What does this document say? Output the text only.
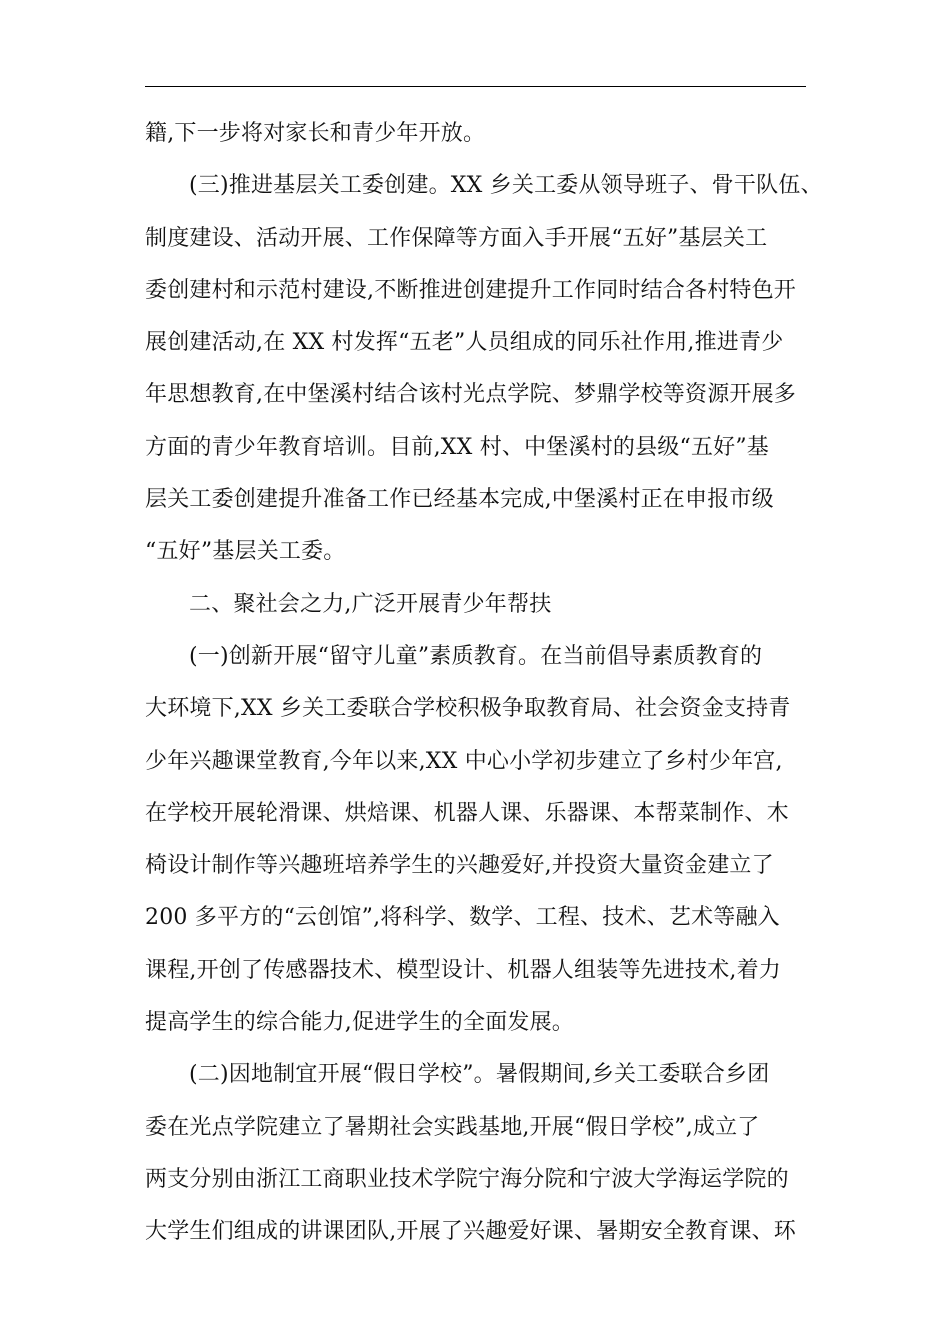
籍,下一步将对家长和青少年开放。
(三)推进基层关工委创建。XX 乡关工委从领导班子、骨干队伍、
制度建设、活动开展、工作保障等方面入手开展“五好”基层关工
委创建村和示范村建设,不断推进创建提升工作同时结合各村特色开
展创建活动,在 XX 村发挥“五老”人员组成的同乐社作用,推进青少
年思想教育,在中堡溪村结合该村光点学院、梦鼎学校等资源开展多
方面的青少年教育培训。目前,XX 村、中堡溪村的县级“五好”基
层关工委创建提升准备工作已经基本完成,中堡溪村正在申报市级
“五好”基层关工委。
二、聚社会之力,广泛开展青少年帮扶
(一)创新开展“留守儿童”素质教育。在当前倡导素质教育的
大环境下,XX 乡关工委联合学校积极争取教育局、社会资金支持青
少年兴趣课堂教育,今年以来,XX 中心小学初步建立了乡村少年宫,
在学校开展轮滑课、烘焙课、机器人课、乐器课、本帮菜制作、木
椅设计制作等兴趣班培养学生的兴趣爱好,并投资大量资金建立了
200 多平方的“云创馆”,将科学、数学、工程、技术、艺术等融入
课程,开创了传感器技术、模型设计、机器人组装等先进技术,着力
提高学生的综合能力,促进学生的全面发展。
(二)因地制宜开展“假日学校”。暑假期间,乡关工委联合乡团
委在光点学院建立了暑期社会实践基地,开展“假日学校”,成立了
两支分别由浙江工商职业技术学院宁海分院和宁波大学海运学院的
大学生们组成的讲课团队,开展了兴趣爱好课、暑期安全教育课、环
